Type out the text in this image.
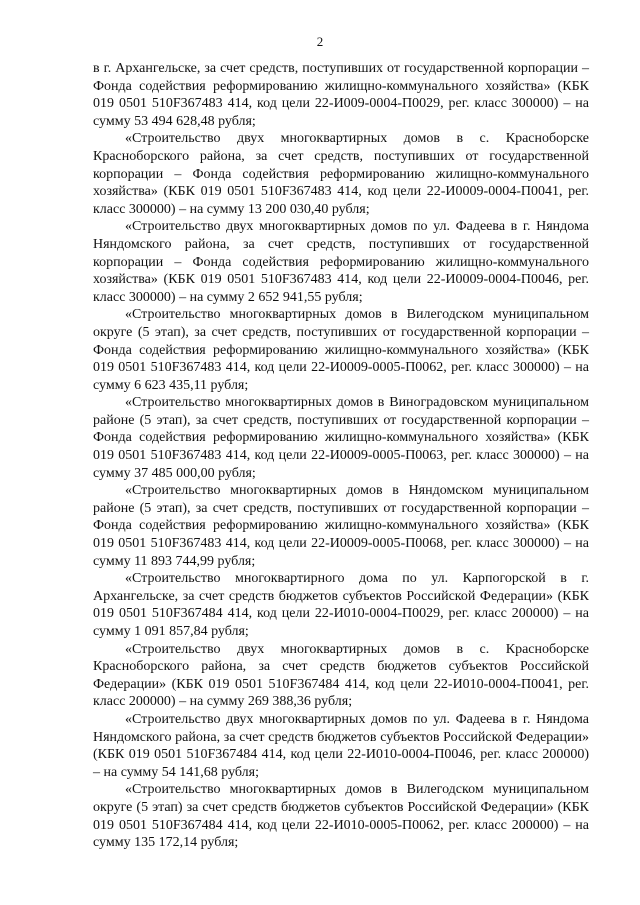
2

в г. Архангельске, за счет средств, поступивших от государственной корпорации – Фонда содействия реформированию жилищно-коммунального хозяйства» (КБК 019 0501 510F367483 414, код цели 22-И009-0004-П0029, рег. класс 300000) – на сумму 53 494 628,48 рубля;

«Строительство двух многоквартирных домов в с. Красноборске Красноборского района, за счет средств, поступивших от государственной корпорации – Фонда содействия реформированию жилищно-коммунального хозяйства» (КБК 019 0501 510F367483 414, код цели 22-И0009-0004-П0041, рег. класс 300000) – на сумму 13 200 030,40 рубля;

«Строительство двух многоквартирных домов по ул. Фадеева в г. Няндома Няндомского района, за счет средств, поступивших от государственной корпорации – Фонда содействия реформированию жилищно-коммунального хозяйства» (КБК 019 0501 510F367483 414, код цели 22-И0009-0004-П0046, рег. класс 300000) – на сумму 2 652 941,55 рубля;

«Строительство многоквартирных домов в Вилегодском муниципальном округе (5 этап), за счет средств, поступивших от государственной корпорации – Фонда содействия реформированию жилищно-коммунального хозяйства» (КБК 019 0501 510F367483 414, код цели 22-И0009-0005-П0062, рег. класс 300000) – на сумму 6 623 435,11 рубля;

«Строительство многоквартирных домов в Виноградовском муниципальном районе (5 этап), за счет средств, поступивших от государственной корпорации – Фонда содействия реформированию жилищно-коммунального хозяйства» (КБК 019 0501 510F367483 414, код цели 22-И0009-0005-П0063, рег. класс 300000) – на сумму 37 485 000,00 рубля;

«Строительство многоквартирных домов в Няндомском муниципальном районе (5 этап), за счет средств, поступивших от государственной корпорации – Фонда содействия реформированию жилищно-коммунального хозяйства» (КБК 019 0501 510F367483 414, код цели 22-И0009-0005-П0068, рег. класс 300000) – на сумму 11 893 744,99 рубля;

«Строительство многоквартирного дома по ул. Карпогорской в г. Архангельске, за счет средств бюджетов субъектов Российской Федерации» (КБК 019 0501 510F367484 414, код цели 22-И010-0004-П0029, рег. класс 200000) – на сумму 1 091 857,84 рубля;

«Строительство двух многоквартирных домов в с. Красноборске Красноборского района, за счет средств бюджетов субъектов Российской Федерации» (КБК 019 0501 510F367484 414, код цели 22-И010-0004-П0041, рег. класс 200000) – на сумму 269 388,36 рубля;

«Строительство двух многоквартирных домов по ул. Фадеева в г. Няндома Няндомского района, за счет средств бюджетов субъектов Российской Федерации» (КБК 019 0501 510F367484 414, код цели 22-И010-0004-П0046, рег. класс 200000) – на сумму 54 141,68 рубля;

«Строительство многоквартирных домов в Вилегодском муниципальном округе (5 этап) за счет средств бюджетов субъектов Российской Федерации» (КБК 019 0501 510F367484 414, код цели 22-И010-0005-П0062, рег. класс 200000) – на сумму 135 172,14 рубля;
